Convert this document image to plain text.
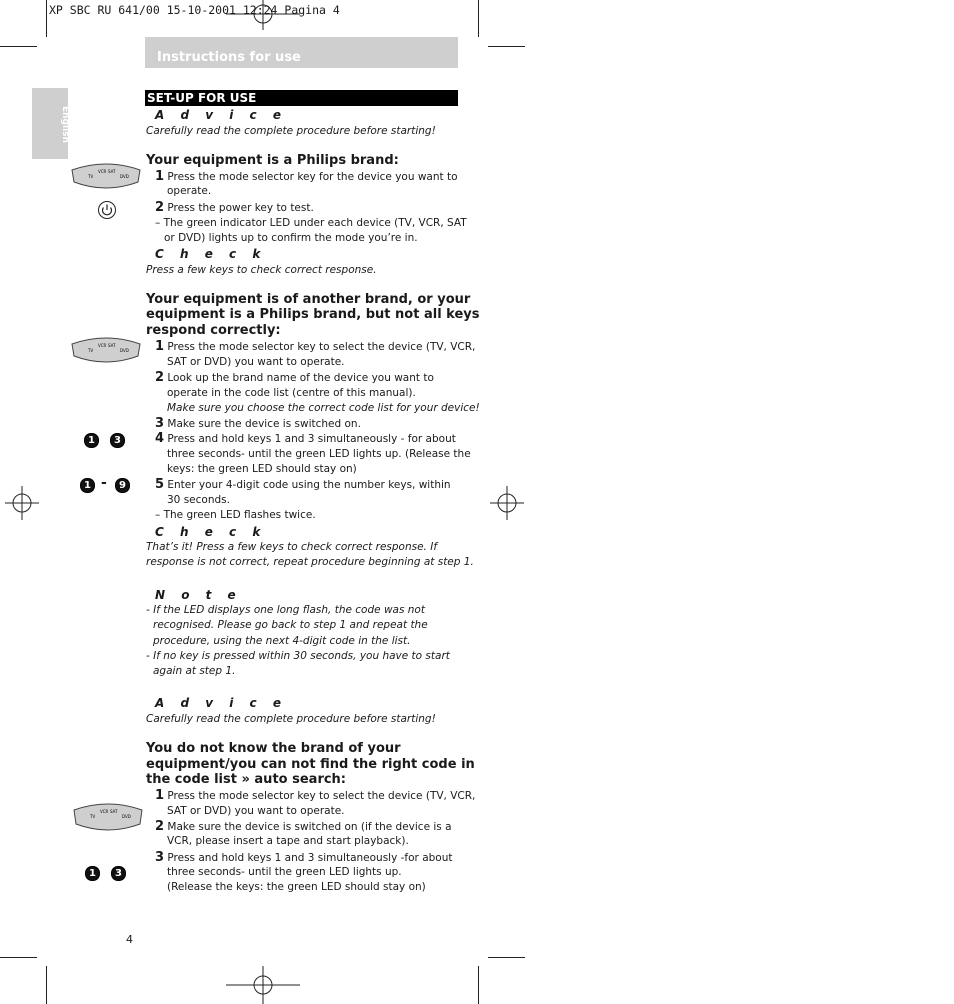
XP SBC RU 641/00 15-10-2001 12:24 Pagina 4
Instructions for use
English
SET-UP FOR USE
A d v i c e
Carefully read the complete procedure before starting!
VCR SAT
TV	DVD
Your equipment is a Philips brand:
1 Press the mode selector key for the device you want to
operate.
2 Press the power key to test.
– The green indicator LED under each device (TV, VCR, SAT
or DVD) lights up to confirm the mode you’re in.
C h e c k
Press a few keys to check correct response.
Your equipment is of another brand, or your
equipment is a Philips brand, but not all keys
respond correctly:
VCR SAT
TV	DVD 1 Press the mode selector key to select the device (TV, VCR,
SAT or DVD) you want to operate.
2 Look up the brand name of the device you want to
operate in the code list (centre of this manual).
Make sure you choose the correct code list for your device!
3 Make sure the device is switched on.
4 Press and hold keys 1 and 3 simultaneously - for about
three seconds- until the green LED lights up. (Release the
keys: the green LED should stay on)
5 Enter your 4-digit code using the number keys, within
30 seconds.
– The green LED flashes twice.
1	3
1 -	9
C h e c k
That’s it! Press a few keys to check correct response. If
response is not correct, repeat procedure beginning at step 1.
N o t e
- If the LED displays one long flash, the code was not
recognised. Please go back to step 1 and repeat the
procedure, using the next 4-digit code in the list.
- If no key is pressed within 30 seconds, you have to start
again at step 1.
A d v i c e
Carefully read the complete procedure before starting!
You do not know the brand of your
equipment/you can not find the right code in
the code list » auto search:
VCR SAT
TV	DVD
1 Press the mode selector key to select the device (TV, VCR,
SAT or DVD) you want to operate.
2 Make sure the device is switched on (if the device is a
VCR, please insert a tape and start playback).
3 Press and hold keys 1 and 3 simultaneously -for about
three seconds- until the green LED lights up.
(Release the keys: the green LED should stay on)
1	3
4
